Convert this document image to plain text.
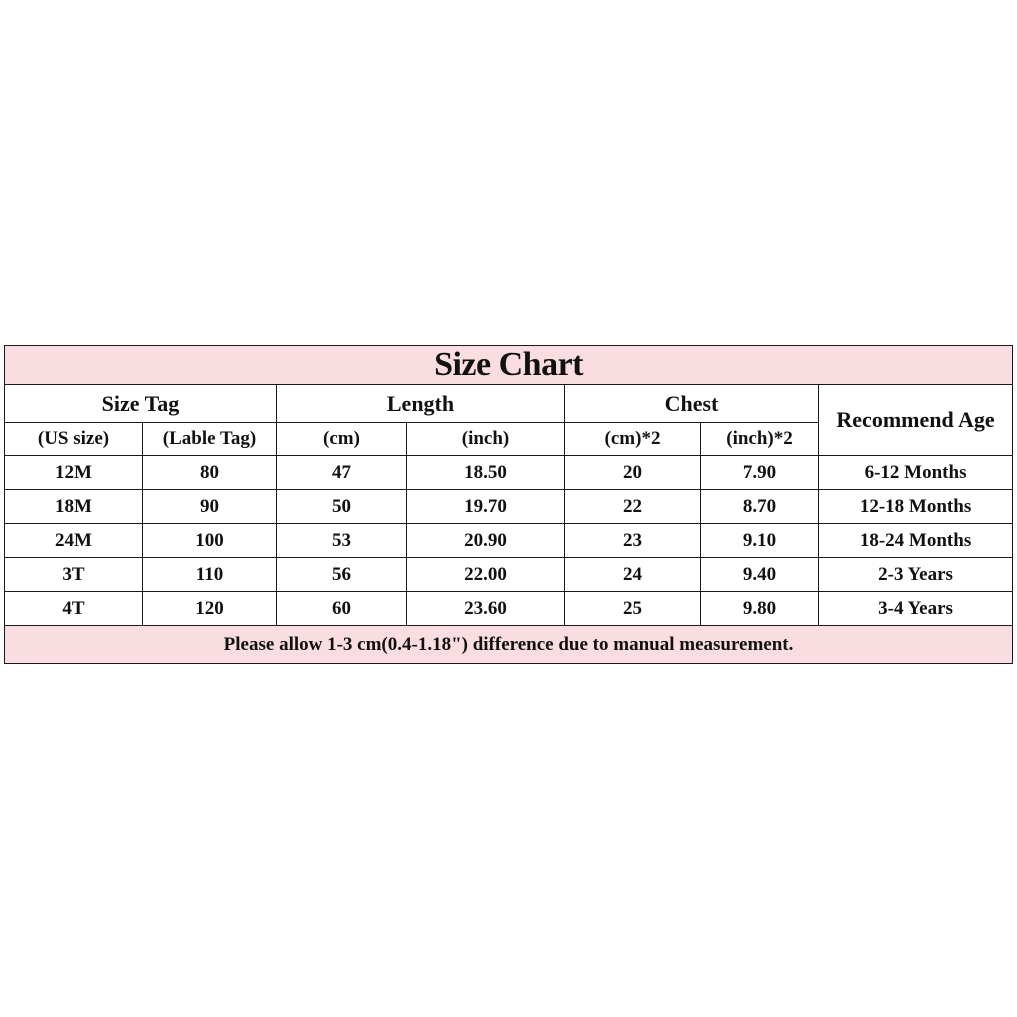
Size Chart						
Size Tag		Length		Chest		Recommend Age
(US size)	(Lable Tag)	(cm)	(inch)	(cm)*2	(inch)*2	
12M	80	47	18.50	20	7.90	6-12 Months
18M	90	50	19.70	22	8.70	12-18 Months
24M	100	53	20.90	23	9.10	18-24 Months
3T	110	56	22.00	24	9.40	2-3 Years
4T	120	60	23.60	25	9.80	3-4 Years
Please allow 1-3 cm(0.4-1.18") difference due to manual measurement.						
